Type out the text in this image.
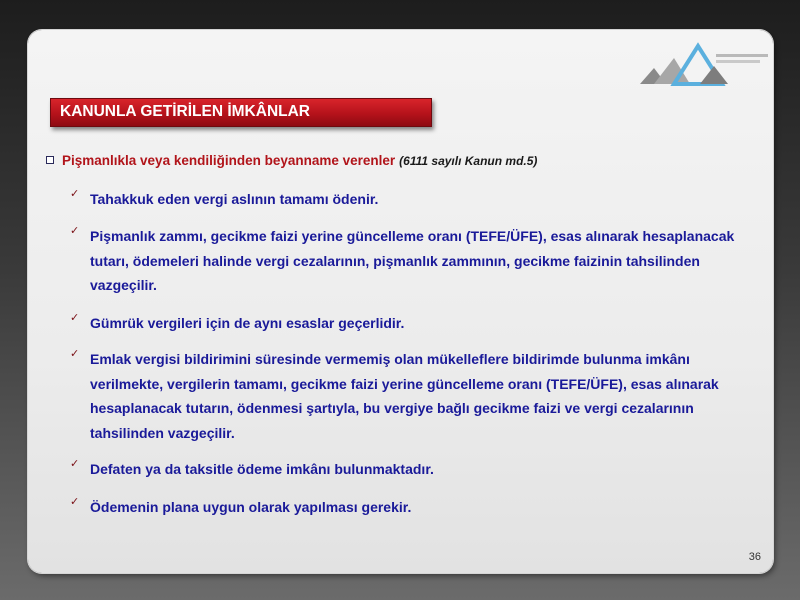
KANUNLA GETİRİLEN İMKÂNLAR
Pişmanlıkla veya kendiliğinden beyanname verenler (6111 sayılı Kanun md.5)
✓ Tahakkuk eden vergi aslının tamamı ödenir.
✓ Pişmanlık zammı, gecikme faizi yerine güncelleme oranı (TEFE/ÜFE), esas alınarak hesaplanacak tutarı, ödemeleri halinde vergi cezalarının, pişmanlık zammının, gecikme faizinin tahsilinden vazgeçilir.
✓ Gümrük vergileri için de aynı esaslar geçerlidir.
✓ Emlak vergisi bildirimini süresinde vermemiş olan mükelleflere bildirimde bulunma imkânı verilmekte, vergilerin tamamı, gecikme faizi yerine güncelleme oranı (TEFE/ÜFE), esas alınarak hesaplanacak tutarın, ödenmesi şartıyla, bu vergiye bağlı gecikme faizi ve vergi cezalarının tahsilinden vazgeçilir.
✓ Defaten ya da taksitle ödeme imkânı bulunmaktadır.
✓ Ödemenin plana uygun olarak yapılması gerekir.
36
